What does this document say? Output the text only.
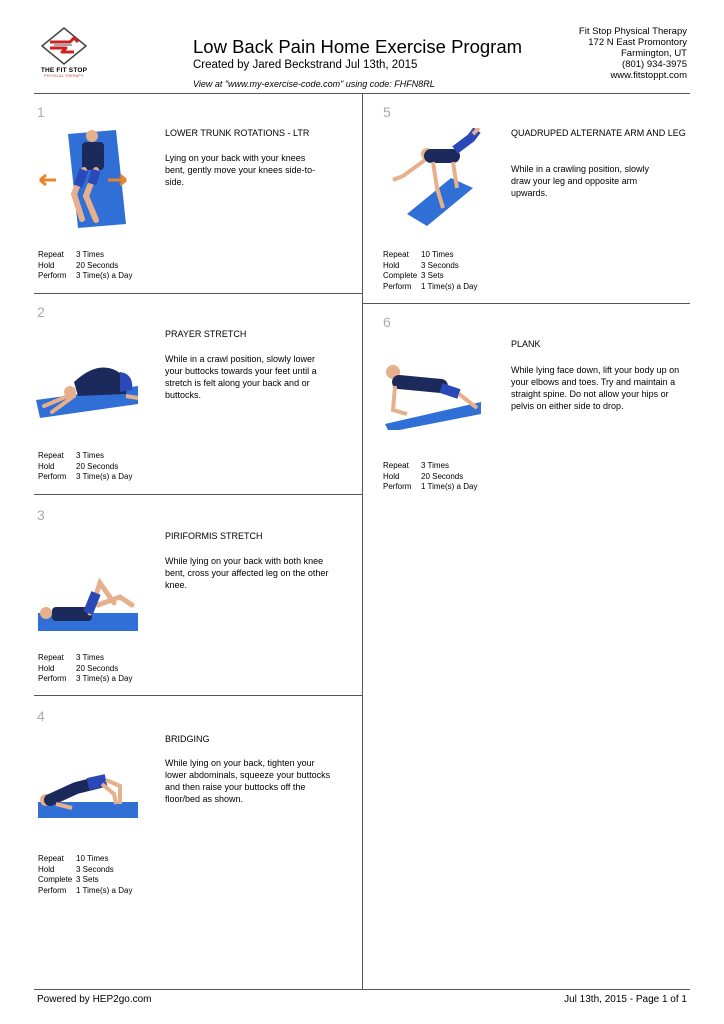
THE FIT STOP
PHYSICAL THERAPY
Low Back Pain Home Exercise Program
Created by Jared Beckstrand Jul 13th, 2015
View at "www.my-exercise-code.com" using code: FHFN8RL
Fit Stop Physical Therapy
172 N East Promontory
Farmington, UT
(801) 934-3975
www.fitstoppt.com
1
LOWER TRUNK ROTATIONS - LTR
Lying on your back with your knees bent, gently move your knees side-to-side.
Repeat	3 Times
Hold	20 Seconds
Perform	3 Time(s) a Day
2
PRAYER STRETCH
While in a crawl position, slowly lower your buttocks towards your feet until a stretch is felt along your back and or buttocks.
Repeat	3 Times
Hold	20 Seconds
Perform	3 Time(s) a Day
3
PIRIFORMIS STRETCH
While lying on your back with both knee bent, cross your affected leg on the other knee.
Repeat	3 Times
Hold	20 Seconds
Perform	3 Time(s) a Day
4
BRIDGING
While lying on your back, tighten your lower abdominals, squeeze your buttocks and then raise your buttocks off the floor/bed as shown.
Repeat	10 Times
Hold	3 Seconds
Complete 3 Sets
Perform	1 Time(s) a Day
5
QUADRUPED ALTERNATE ARM AND LEG
While in a crawling position, slowly draw your leg and opposite arm upwards.
Repeat	10 Times
Hold	3 Seconds
Complete 3 Sets
Perform	1 Time(s) a Day
6
PLANK
While lying face down, lift your body up on your elbows and toes. Try and maintain a straight spine. Do not allow your hips or pelvis on either side to drop.
Repeat	3 Times
Hold	20 Seconds
Perform	1 Time(s) a Day
Powered by HEP2go.com	Jul 13th, 2015 - Page 1 of 1
